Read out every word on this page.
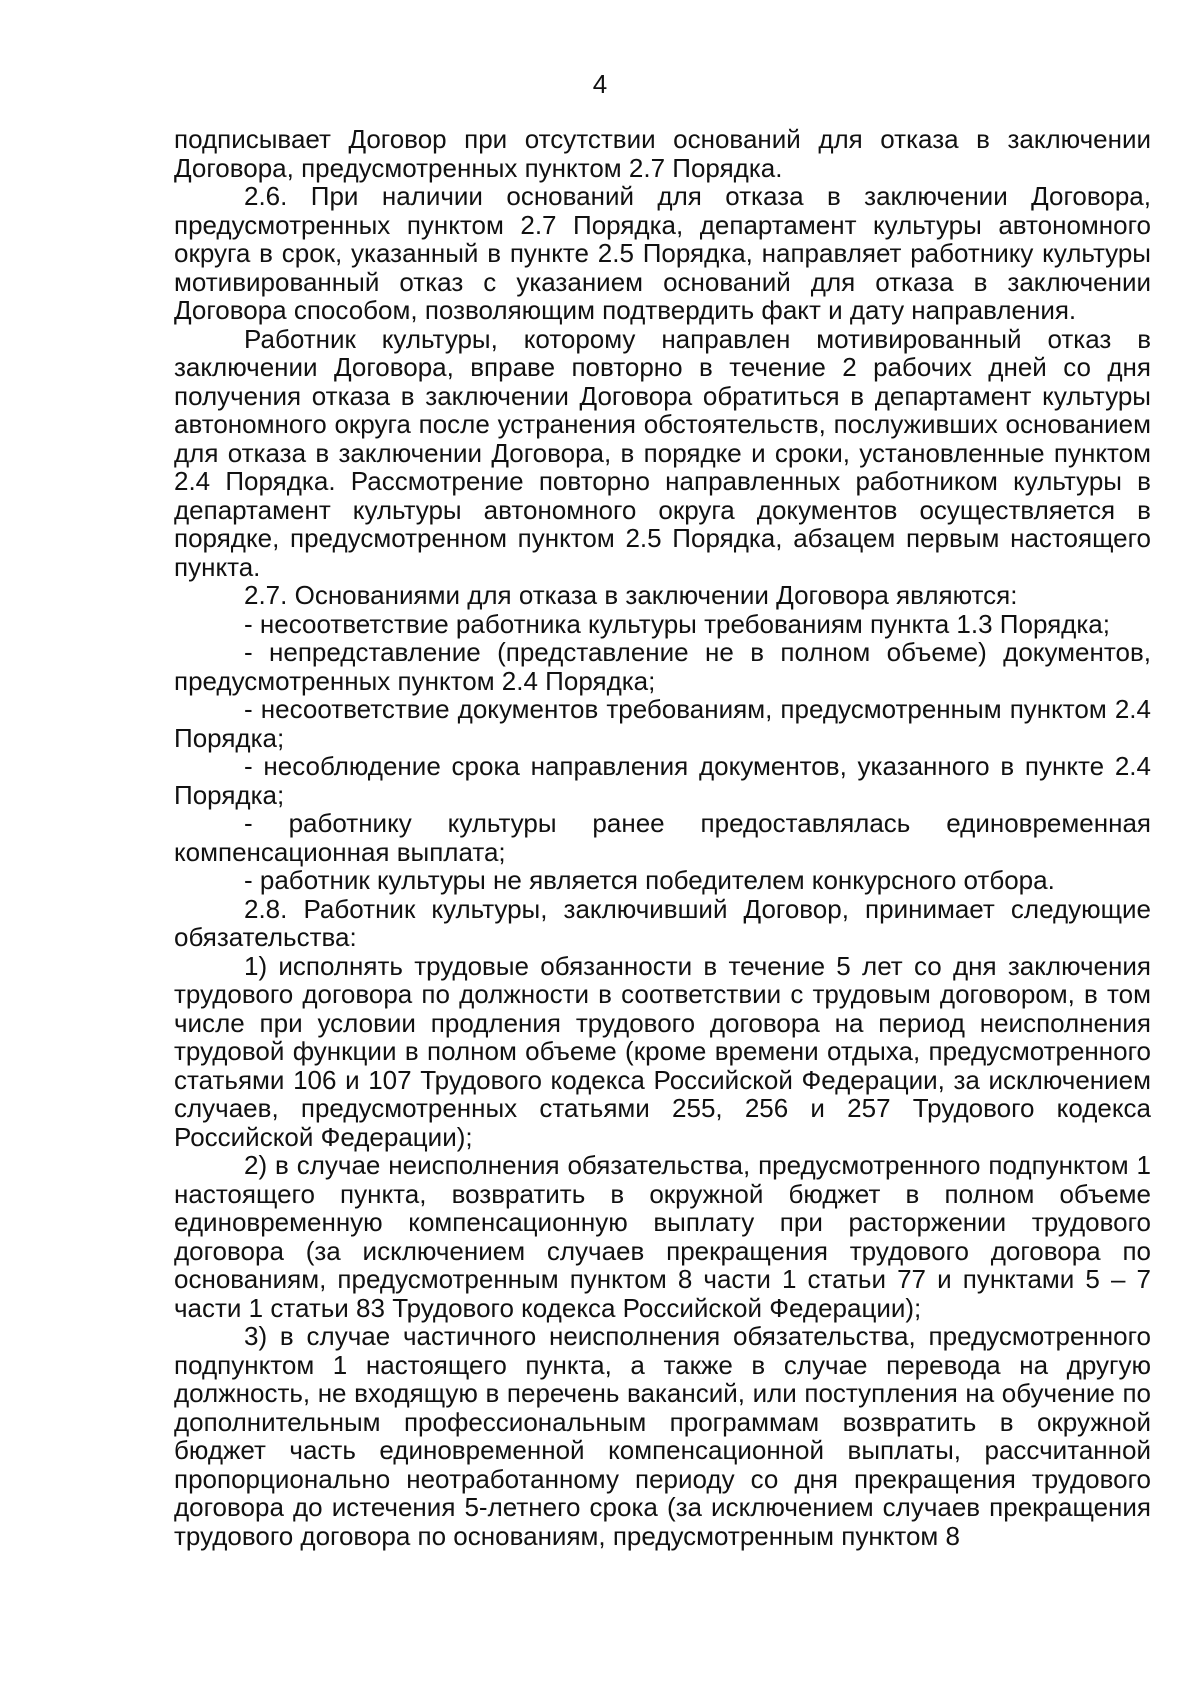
4

подписывает Договор при отсутствии оснований для отказа в заключении Договора, предусмотренных пунктом 2.7 Порядка.

2.6. При наличии оснований для отказа в заключении Договора, предусмотренных пунктом 2.7 Порядка, департамент культуры автономного округа в срок, указанный в пункте 2.5 Порядка, направляет работнику культуры мотивированный отказ с указанием оснований для отказа в заключении Договора способом, позволяющим подтвердить факт и дату направления.

Работник культуры, которому направлен мотивированный отказ в заключении Договора, вправе повторно в течение 2 рабочих дней со дня получения отказа в заключении Договора обратиться в департамент культуры автономного округа после устранения обстоятельств, послуживших основанием для отказа в заключении Договора, в порядке и сроки, установленные пунктом 2.4 Порядка. Рассмотрение повторно направленных работником культуры в департамент культуры автономного округа документов осуществляется в порядке, предусмотренном пунктом 2.5 Порядка, абзацем первым настоящего пункта.

2.7. Основаниями для отказа в заключении Договора являются:

- несоответствие работника культуры требованиям пункта 1.3 Порядка;

- непредставление (представление не в полном объеме) документов, предусмотренных пунктом 2.4 Порядка;

- несоответствие документов требованиям, предусмотренным пунктом 2.4 Порядка;

- несоблюдение срока направления документов, указанного в пункте 2.4 Порядка;

- работнику культуры ранее предоставлялась единовременная компенсационная выплата;

- работник культуры не является победителем конкурсного отбора.

2.8. Работник культуры, заключивший Договор, принимает следующие обязательства:

1) исполнять трудовые обязанности в течение 5 лет со дня заключения трудового договора по должности в соответствии с трудовым договором, в том числе при условии продления трудового договора на период неисполнения трудовой функции в полном объеме (кроме времени отдыха, предусмотренного статьями 106 и 107 Трудового кодекса Российской Федерации, за исключением случаев, предусмотренных статьями 255, 256 и 257 Трудового кодекса Российской Федерации);

2) в случае неисполнения обязательства, предусмотренного подпунктом 1 настоящего пункта, возвратить в окружной бюджет в полном объеме единовременную компенсационную выплату при расторжении трудового договора (за исключением случаев прекращения трудового договора по основаниям, предусмотренным пунктом 8 части 1 статьи 77 и пунктами 5 – 7 части 1 статьи 83 Трудового кодекса Российской Федерации);

3) в случае частичного неисполнения обязательства, предусмотренного подпунктом 1 настоящего пункта, а также в случае перевода на другую должность, не входящую в перечень вакансий, или поступления на обучение по дополнительным профессиональным программам возвратить в окружной бюджет часть единовременной компенсационной выплаты, рассчитанной пропорционально неотработанному периоду со дня прекращения трудового договора до истечения 5-летнего срока (за исключением случаев прекращения трудового договора по основаниям, предусмотренным пунктом 8
